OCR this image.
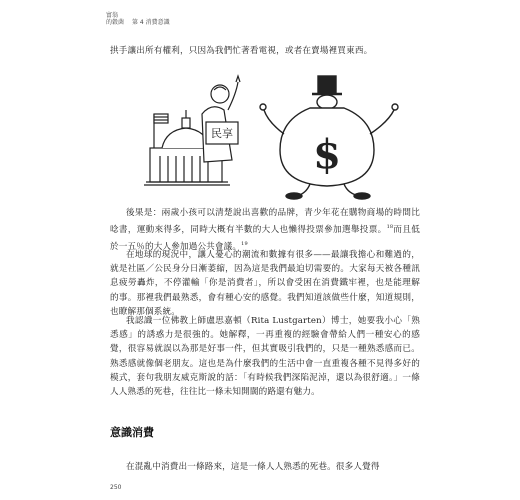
富翁
的穀菌 第 4 消費意識

拱手讓出所有權利，只因為我們忙著看電視，或者在賣場裡買東西。

民享 $

後果是：兩歲小孩可以清楚說出喜歡的品牌，青少年花在購物商場的時間比唸書，運動來得多，同時大概有半數的大人也懶得投票參加選舉投票。$^{18}$而且低於一五％的大人參加過公共會議。$^{19}$

在地球的現況中，讓人憂心的潮流和數據有很多——最讓我擔心和難過的，就是社區／公民身分日漸萎縮，因為這是我們最迫切需要的。大家每天被各種訊息疲勞轟炸，不停灌輸「你是消費者」，所以會受困在消費鐵牢裡，也是能理解的事。那裡我們最熟悉，會有種心安的感覺。我們知道該做些什麼，知道規則，也瞭解那個系統。

我認識一位佛教上師盧思嘉頓（Rita Lustgarten）博士，她要我小心「熟悉感」的誘惑力是很強的。她解釋，一再重複的經驗會帶給人們一種安心的感覺，很容易就誤以為那是好事一件，但其實吸引我們的，只是一種熟悉感而已。熟悉感就像個老朋友。這也是為什麼我們的生活中會一直重複各種不見得多好的模式，套句我朋友威克斯說的話：「有時候我們深陷泥淖，還以為很舒適。」一條人人熟悉的死巷，往往比一條未知開闊的路還有魅力。

意識消費

在混亂中消費出一條路來，這是一條人人熟悉的死巷。很多人覺得

250
